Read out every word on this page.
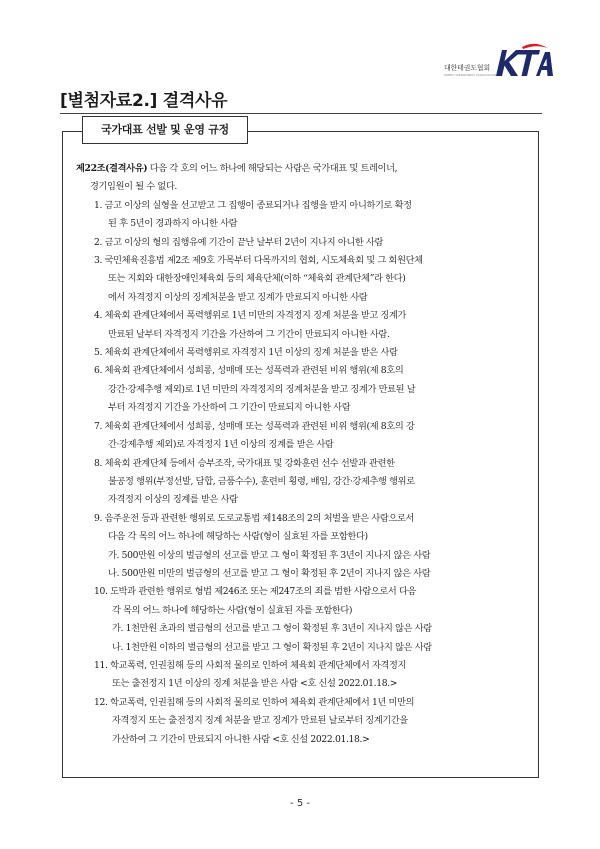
대한태권도협회
KOREA TAEKWONDO ASSOCIATION
[별첨자료2.] 결격사유
국가대표 선발 및 운영 규정

제22조(결격사유) 다음 각 호의 어느 하나에 해당되는 사람은 국가대표 및 트레이너,

경기임원이 될 수 없다.

1. 금고 이상의 실형을 선고받고 그 집행이 종료되거나 집행을 받지 아니하기로 확정

된 후 5년이 경과하지 아니한 사람

2. 금고 이상의 형의 집행유예 기간이 끝난 날부터 2년이 지나지 아니한 사람

3. 국민체육진흥법 제2조 제9호 가목부터 다목까지의 협회, 시도체육회 및 그 회원단체

또는 지회와 대한장애인체육회 등의 체육단체(이하 “체육회 관계단체”라 한다)

에서 자격정지 이상의 징계처분을 받고 징계가 만료되지 아니한 사람

4. 체육회 관계단체에서 폭력행위로 1년 미만의 자격정지 징계 처분을 받고 징계가

만료된 날부터 자격정지 기간을 가산하여 그 기간이 만료되지 아니한 사람.

5. 체육회 관계단체에서 폭력행위로 자격정지 1년 이상의 징계 처분을 받은 사람

6. 체육회 관계단체에서 성희롱, 성매매 또는 성폭력과 관련된 비위 행위(제 8호의

강간·강제추행 제외)로 1년 미만의 자격정지의 징계처분을 받고 징계가 만료된 날

부터 자격정지 기간을 가산하여 그 기간이 만료되지 아니한 사람

7. 체육회 관계단체에서 성희롱, 성매매 또는 성폭력과 관련된 비위 행위(제 8호의 강

간·강제추행 제외)로 자격정지 1년 이상의 징계를 받은 사람

8. 체육회 관계단체 등에서 승부조작, 국가대표 및 강화훈련 선수 선발과 관련한

불공정 행위(부정선발, 담합, 금품수수), 훈련비 횡령, 배임, 강간·강제추행 행위로

자격정지 이상의 징계를 받은 사람

9. 음주운전 등과 관련한 행위로 도로교통법 제148조의 2의 처벌을 받은 사람으로서

다음 각 목의 어느 하나에 해당하는 사람(형이 실효된 자를 포함한다)

가. 500만원 이상의 벌금형의 선고를 받고 그 형이 확정된 후 3년이 지나지 않은 사람

나. 500만원 미만의 벌금형의 선고를 받고 그 형이 확정된 후 2년이 지나지 않은 사람

10. 도박과 관련한 행위로 형법 제246조 또는 제247조의 죄를 범한 사람으로서 다음

각 목의 어느 하나에 해당하는 사람(형이 실효된 자를 포함한다)

가. 1천만원 초과의 벌금형의 선고를 받고 그 형이 확정된 후 3년이 지나지 않은 사람

나. 1천만원 이하의 벌금형의 선고를 받고 그 형이 확정된 후 2년이 지나지 않은 사람

11. 학교폭력, 인권침해 등의 사회적 물의로 인하여 체육회 관계단체에서 자격정지

또는 출전정지 1년 이상의 징계 처분을 받은 사람 <호 신설 2022.01.18.>

12. 학교폭력, 인권침해 등의 사회적 물의로 인하여 체육회 관계단체에서 1년 미만의

자격정지 또는 출전정지 징계 처분을 받고 징계가 만료된 날로부터 징계기간을

가산하여 그 기간이 만료되지 아니한 사람 <호 신설 2022.01.18.>

- 5 -
